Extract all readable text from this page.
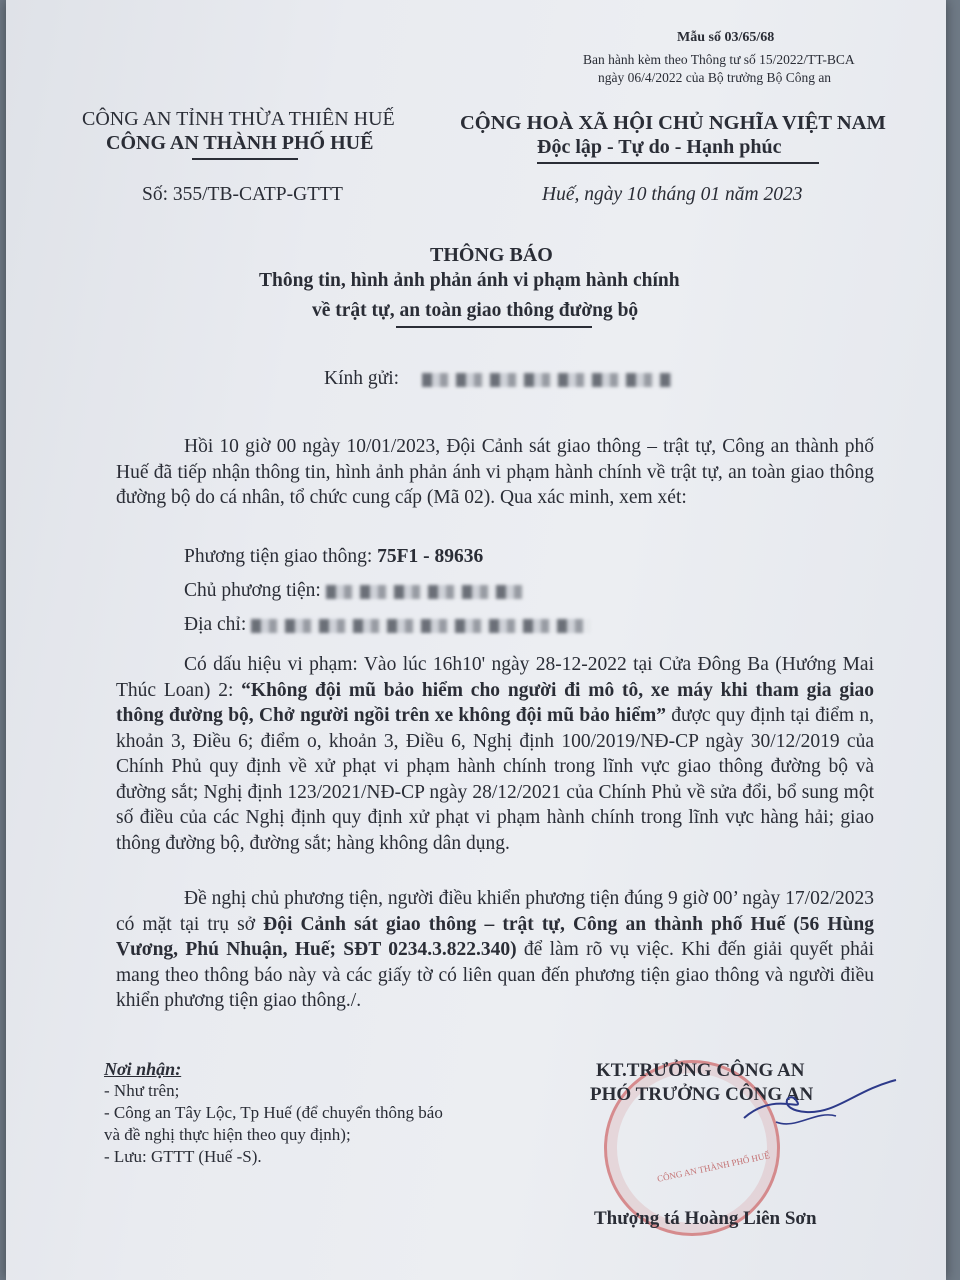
Mẫu số 03/65/68
Ban hành kèm theo Thông tư số 15/2022/TT-BCA
ngày 06/4/2022 của Bộ trưởng Bộ Công an
CÔNG AN TỈNH THỪA THIÊN HUẾ
CÔNG AN THÀNH PHỐ HUẾ
Số: 355/TB-CATP-GTTT
CỘNG HOÀ XÃ HỘI CHỦ NGHĨA VIỆT NAM
Độc lập - Tự do - Hạnh phúc
Huế, ngày 10 tháng 01 năm 2023
THÔNG BÁO
Thông tin, hình ảnh phản ánh vi phạm hành chính
về trật tự, an toàn giao thông đường bộ
Kính gửi:

Hồi 10 giờ 00 ngày 10/01/2023, Đội Cảnh sát giao thông – trật tự, Công an thành phố Huế đã tiếp nhận thông tin, hình ảnh phản ánh vi phạm hành chính về trật tự, an toàn giao thông đường bộ do cá nhân, tổ chức cung cấp (Mã 02). Qua xác minh, xem xét:

Phương tiện giao thông: 75F1 - 89636
Chủ phương tiện:
Địa chỉ:

Có dấu hiệu vi phạm: Vào lúc 16h10' ngày 28-12-2022 tại Cửa Đông Ba (Hướng Mai Thúc Loan) 2: “Không đội mũ bảo hiểm cho người đi mô tô, xe máy khi tham gia giao thông đường bộ, Chở người ngồi trên xe không đội mũ bảo hiểm” được quy định tại điểm n, khoản 3, Điều 6; điểm o, khoản 3, Điều 6, Nghị định 100/2019/NĐ-CP ngày 30/12/2019 của Chính Phủ quy định về xử phạt vi phạm hành chính trong lĩnh vực giao thông đường bộ và đường sắt; Nghị định 123/2021/NĐ-CP ngày 28/12/2021 của Chính Phủ về sửa đổi, bổ sung một số điều của các Nghị định quy định xử phạt vi phạm hành chính trong lĩnh vực hàng hải; giao thông đường bộ, đường sắt; hàng không dân dụng.

Đề nghị chủ phương tiện, người điều khiển phương tiện đúng 9 giờ 00’ ngày 17/02/2023 có mặt tại trụ sở Đội Cảnh sát giao thông – trật tự, Công an thành phố Huế (56 Hùng Vương, Phú Nhuận, Huế; SĐT 0234.3.822.340) để làm rõ vụ việc. Khi đến giải quyết phải mang theo thông báo này và các giấy tờ có liên quan đến phương tiện giao thông và người điều khiển phương tiện giao thông./.

Nơi nhận:
- Như trên;
- Công an Tây Lộc, Tp Huế (để chuyển thông báo
và đề nghị thực hiện theo quy định);
- Lưu: GTTT (Huế -S).	CÔNG AN THÀNH PHỐ HUẾ
KT.TRƯỞNG CÔNG AN
PHÓ TRƯỞNG CÔNG AN
Thượng tá Hoàng Liên Sơn
